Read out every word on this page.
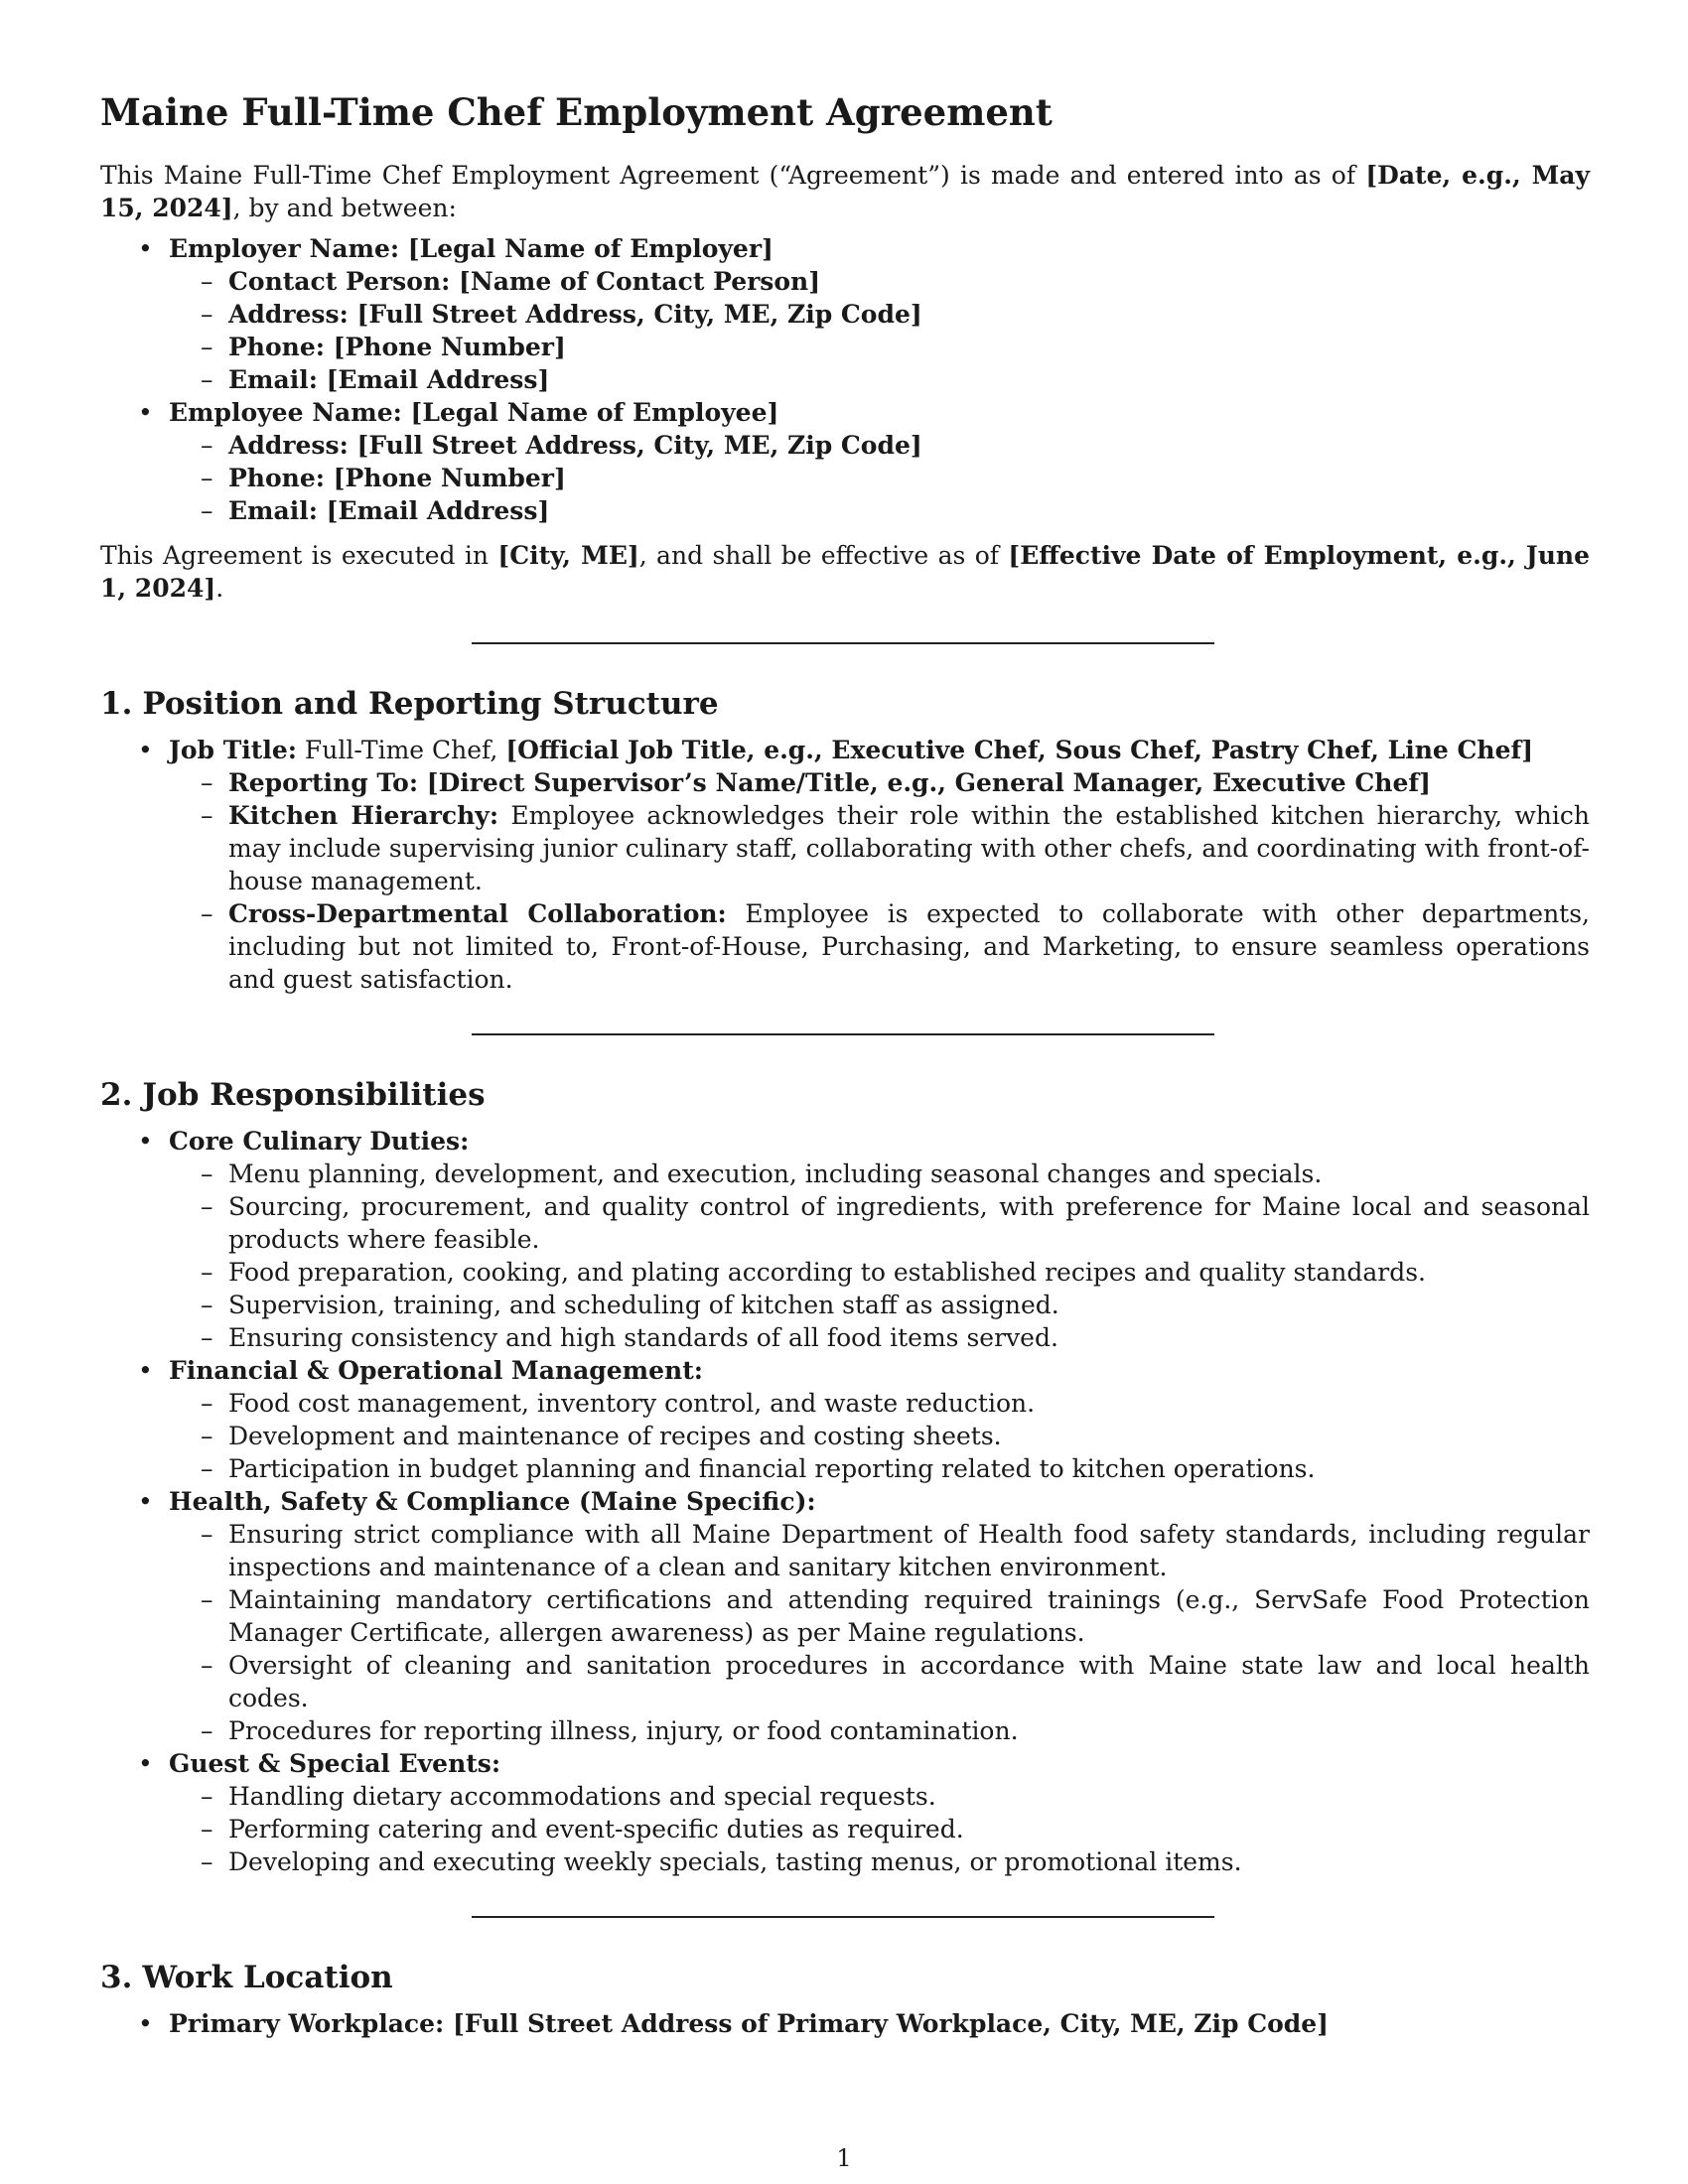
Maine Full-Time Chef Employment Agreement

This Maine Full-Time Chef Employment Agreement (“Agreement”) is made and entered into as of [Date, e.g., May 15, 2024], by and between:

• Employer Name: [Legal Name of Employer]
– Contact Person: [Name of Contact Person]
– Address: [Full Street Address, City, ME, Zip Code]
– Phone: [Phone Number]
– Email: [Email Address]
• Employee Name: [Legal Name of Employee]
– Address: [Full Street Address, City, ME, Zip Code]
– Phone: [Phone Number]
– Email: [Email Address]

This Agreement is executed in [City, ME], and shall be effective as of [Effective Date of Employment, e.g., June 1, 2024].

1. Position and Reporting Structure
• Job Title: Full-Time Chef, [Official Job Title, e.g., Executive Chef, Sous Chef, Pastry Chef, Line Chef]
– Reporting To: [Direct Supervisor’s Name/Title, e.g., General Manager, Executive Chef]
– Kitchen Hierarchy: Employee acknowledges their role within the established kitchen hierarchy, which may include supervising junior culinary staff, collaborating with other chefs, and coordinating with front-of-house management.
– Cross-Departmental Collaboration: Employee is expected to collaborate with other departments, including but not limited to, Front-of-House, Purchasing, and Marketing, to ensure seamless operations and guest satisfaction.
2. Job Responsibilities
• Core Culinary Duties:
– Menu planning, development, and execution, including seasonal changes and specials.
– Sourcing, procurement, and quality control of ingredients, with preference for Maine local and seasonal products where feasible.
– Food preparation, cooking, and plating according to established recipes and quality standards.
– Supervision, training, and scheduling of kitchen staff as assigned.
– Ensuring consistency and high standards of all food items served.
• Financial & Operational Management:
– Food cost management, inventory control, and waste reduction.
– Development and maintenance of recipes and costing sheets.
– Participation in budget planning and financial reporting related to kitchen operations.
• Health, Safety & Compliance (Maine Specific):
– Ensuring strict compliance with all Maine Department of Health food safety standards, including regular inspections and maintenance of a clean and sanitary kitchen environment.
– Maintaining mandatory certifications and attending required trainings (e.g., ServSafe Food Protection Manager Certificate, allergen awareness) as per Maine regulations.
– Oversight of cleaning and sanitation procedures in accordance with Maine state law and local health codes.
– Procedures for reporting illness, injury, or food contamination.
• Guest & Special Events:
– Handling dietary accommodations and special requests.
– Performing catering and event-specific duties as required.
– Developing and executing weekly specials, tasting menus, or promotional items.
3. Work Location
• Primary Workplace: [Full Street Address of Primary Workplace, City, ME, Zip Code]
1
